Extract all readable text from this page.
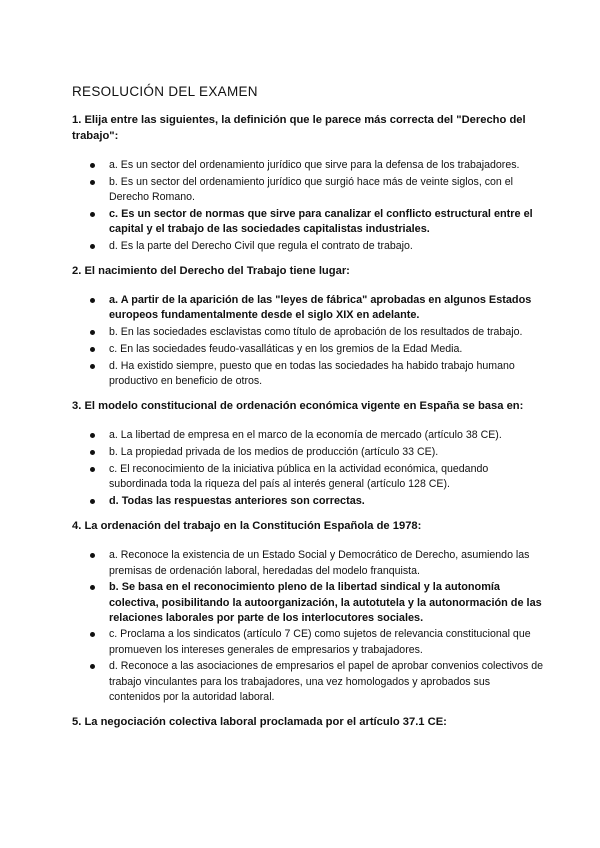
RESOLUCIÓN DEL EXAMEN

1. Elija entre las siguientes, la definición que le parece más correcta del "Derecho del trabajo":

a. Es un sector del ordenamiento jurídico que sirve para la defensa de los trabajadores.
b. Es un sector del ordenamiento jurídico que surgió hace más de veinte siglos, con el Derecho Romano.
c. Es un sector de normas que sirve para canalizar el conflicto estructural entre el capital y el trabajo de las sociedades capitalistas industriales.
d. Es la parte del Derecho Civil que regula el contrato de trabajo.

2. El nacimiento del Derecho del Trabajo tiene lugar:

a. A partir de la aparición de las "leyes de fábrica" aprobadas en algunos Estados europeos fundamentalmente desde el siglo XIX en adelante.
b. En las sociedades esclavistas como título de aprobación de los resultados de trabajo.
c. En las sociedades feudo-vasalláticas y en los gremios de la Edad Media.
d. Ha existido siempre, puesto que en todas las sociedades ha habido trabajo humano productivo en beneficio de otros.

3. El modelo constitucional de ordenación económica vigente en España se basa en:

a. La libertad de empresa en el marco de la economía de mercado (artículo 38 CE).
b. La propiedad privada de los medios de producción (artículo 33 CE).
c. El reconocimiento de la iniciativa pública en la actividad económica, quedando subordinada toda la riqueza del país al interés general (artículo 128 CE).
d. Todas las respuestas anteriores son correctas.

4. La ordenación del trabajo en la Constitución Española de 1978:

a. Reconoce la existencia de un Estado Social y Democrático de Derecho, asumiendo las premisas de ordenación laboral, heredadas del modelo franquista.
b. Se basa en el reconocimiento pleno de la libertad sindical y la autonomía colectiva, posibilitando la autoorganización, la autotutela y la autonormación de las relaciones laborales por parte de los interlocutores sociales.
c. Proclama a los sindicatos (artículo 7 CE) como sujetos de relevancia constitucional que promueven los intereses generales de empresarios y trabajadores.
d. Reconoce a las asociaciones de empresarios el papel de aprobar convenios colectivos de trabajo vinculantes para los trabajadores, una vez homologados y aprobados sus contenidos por la autoridad laboral.

5. La negociación colectiva laboral proclamada por el artículo 37.1 CE:
